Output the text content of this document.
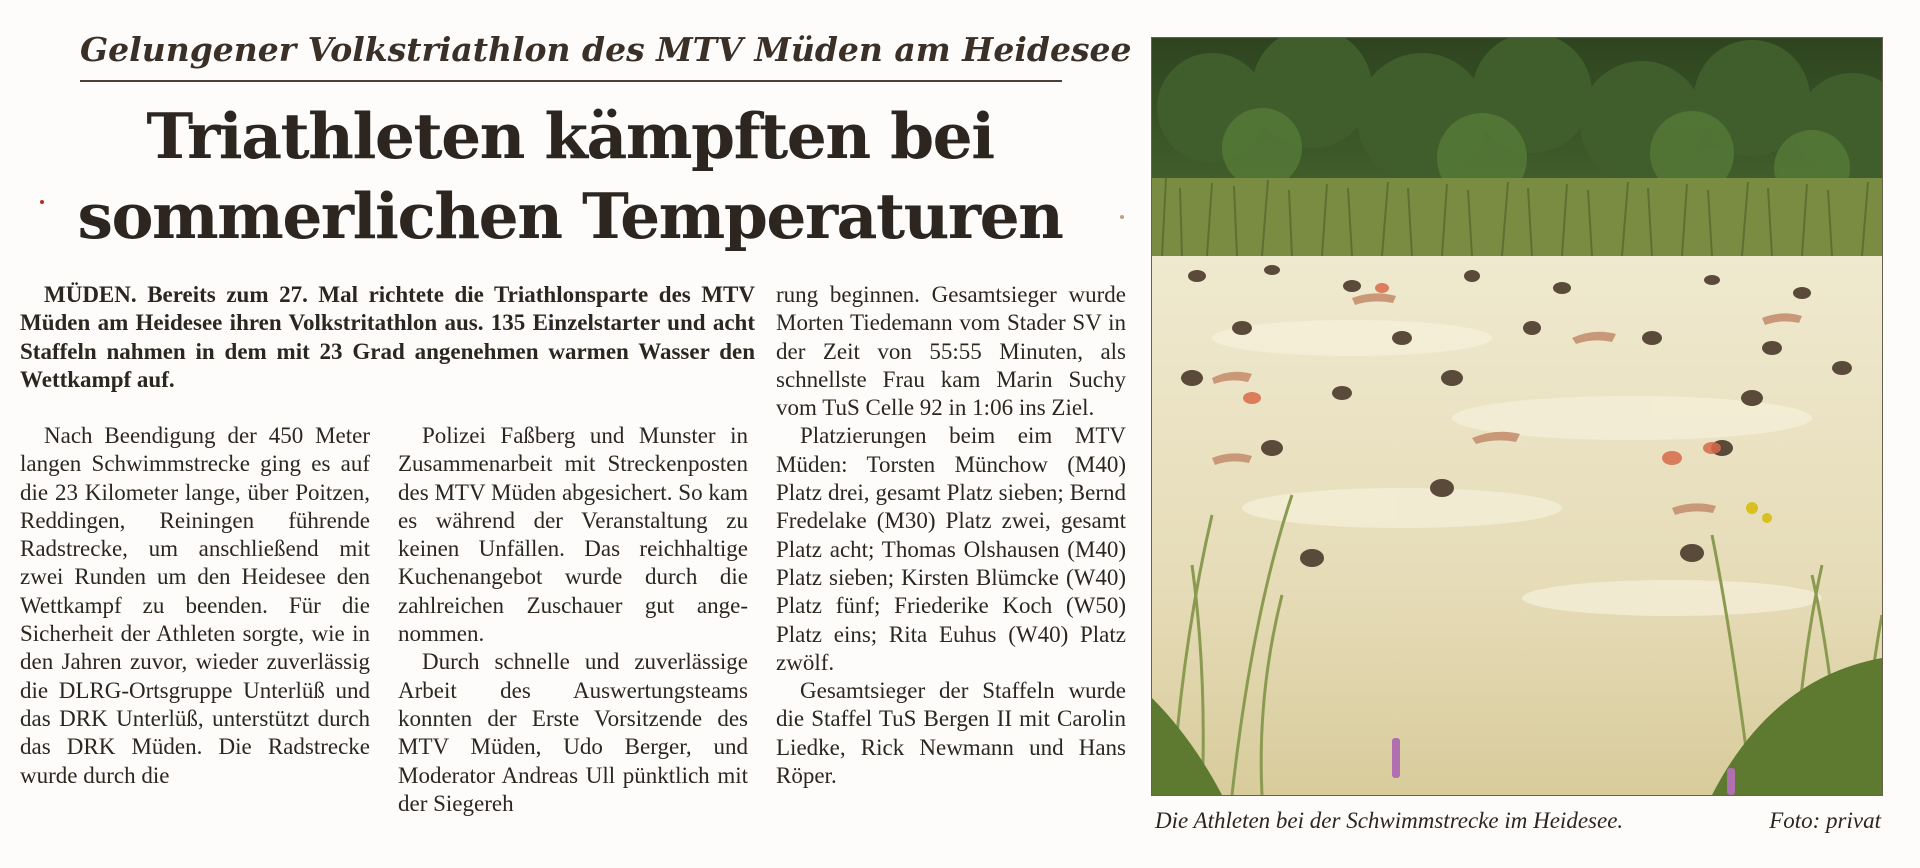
Gelungener Volkstriathlon des MTV Müden am Heidesee
Triathleten kämpften bei
sommerlichen Temperaturen

MÜDEN. Bereits zum 27. Mal richtete die Triathlonsparte des MTV Müden am Heidesee ihren Volkstritathlon aus. 135 Einzelstarter und acht Staffeln nahmen in dem mit 23 Grad angenehmen warmen Wasser den Wettkampf auf.

Nach Beendigung der 450 Meter langen Schwimmstrecke ging es auf die 23 Kilometer lange, über Poitzen, Reddingen, Reiningen führende Radstrecke, um anschließend mit zwei Runden um den Heidesee den Wettkampf zu beenden. Für die Sicherheit der Athleten sorgte, wie in den Jahren zuvor, wieder zuverlässig die DLRG-Ortsgruppe Unterlüß und das DRK Unterlüß, unterstützt durch das DRK Müden. Die Radstrecke wurde durch die

Polizei Faßberg und Munster in Zusammenarbeit mit Streckenposten des MTV Müden abgesichert. So kam es während der Veranstaltung zu keinen Unfällen. Das reichhaltige Kuchenangebot wurde durch die zahlreichen Zuschauer gut angenommen.

Durch schnelle und zuverlässige Arbeit des Auswertungsteams konnten der Erste Vorsitzende des MTV Müden, Udo Berger, und Moderator Andreas Ull pünktlich mit der Siegereh

rung beginnen. Gesamtsieger wurde Morten Tiedemann vom Stader SV in der Zeit von 55:55 Minuten, als schnellste Frau kam Marin Suchy vom TuS Celle 92 in 1:06 ins Ziel.

Platzierungen beim eim MTV Müden: Torsten Münchow (M40) Platz drei, gesamt Platz sieben; Bernd Fredelake (M30) Platz zwei, gesamt Platz acht; Thomas Olshausen (M40) Platz sieben; Kirsten Blümcke (W40) Platz fünf; Friederike Koch (W50) Platz eins; Rita Euhus (W40) Platz zwölf.

Gesamtsieger der Staffeln wurde die Staffel TuS Bergen II mit Carolin Liedke, Rick Newmann und Hans Röper.

Die Athleten bei der Schwimmstrecke im Heidesee.	Foto: privat
